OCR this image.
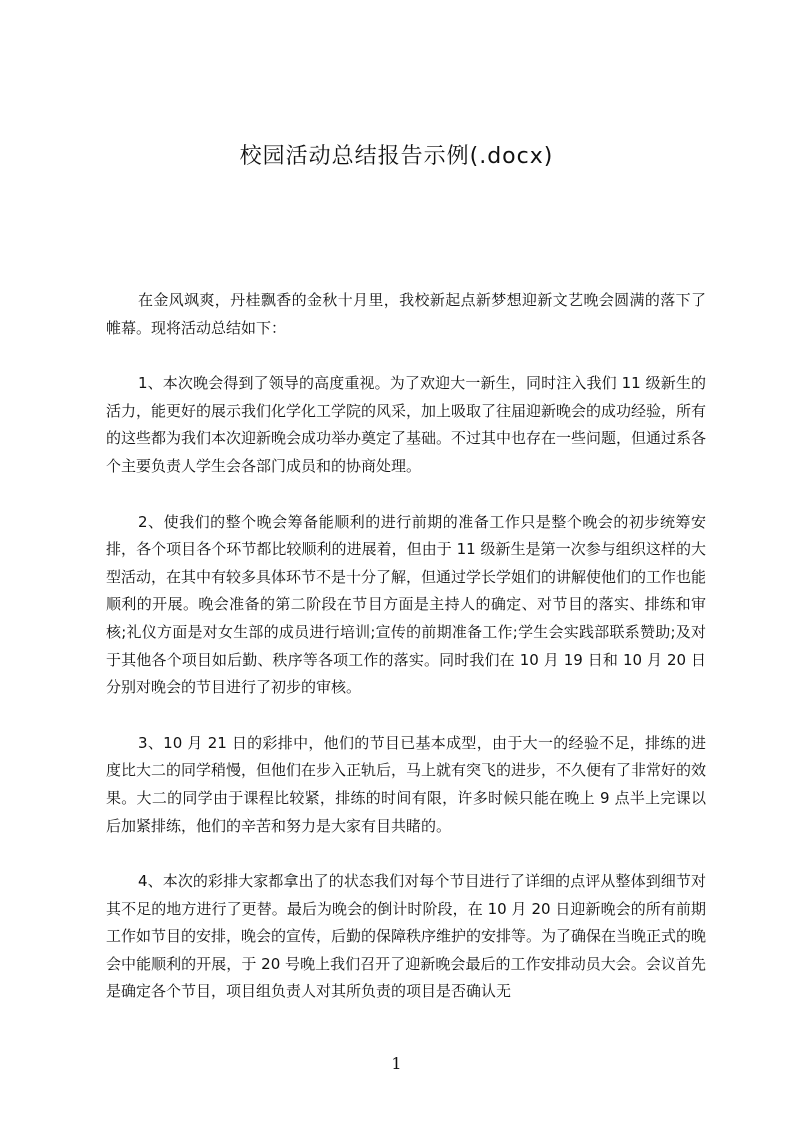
校园活动总结报告示例(.docx)

在金风飒爽，丹桂飘香的金秋十月里，我校新起点新梦想迎新文艺晚会圆满的落下了帷幕。现将活动总结如下：

1、本次晚会得到了领导的高度重视。为了欢迎大一新生，同时注入我们 11 级新生的活力，能更好的展示我们化学化工学院的风采，加上吸取了往届迎新晚会的成功经验，所有的这些都为我们本次迎新晚会成功举办奠定了基础。不过其中也存在一些问题，但通过系各个主要负责人学生会各部门成员和的协商处理。

2、使我们的整个晚会筹备能顺利的进行前期的准备工作只是整个晚会的初步统筹安排，各个项目各个环节都比较顺利的进展着，但由于 11 级新生是第一次参与组织这样的大型活动，在其中有较多具体环节不是十分了解，但通过学长学姐们的讲解使他们的工作也能顺利的开展。晚会准备的第二阶段在节目方面是主持人的确定、对节目的落实、排练和审核;礼仪方面是对女生部的成员进行培训;宣传的前期准备工作;学生会实践部联系赞助;及对于其他各个项目如后勤、秩序等各项工作的落实。同时我们在 10 月 19 日和 10 月 20 日分别对晚会的节目进行了初步的审核。

3、10 月 21 日的彩排中，他们的节目已基本成型，由于大一的经验不足，排练的进度比大二的同学稍慢，但他们在步入正轨后，马上就有突飞的进步，不久便有了非常好的效果。大二的同学由于课程比较紧，排练的时间有限，许多时候只能在晚上 9 点半上完课以后加紧排练，他们的辛苦和努力是大家有目共睹的。

4、本次的彩排大家都拿出了的状态我们对每个节目进行了详细的点评从整体到细节对其不足的地方进行了更替。最后为晚会的倒计时阶段，在 10 月 20 日迎新晚会的所有前期工作如节目的安排，晚会的宣传，后勤的保障秩序维护的安排等。为了确保在当晚正式的晚会中能顺利的开展，于 20 号晚上我们召开了迎新晚会最后的工作安排动员大会。会议首先是确定各个节目，项目组负责人对其所负责的项目是否确认无

1
